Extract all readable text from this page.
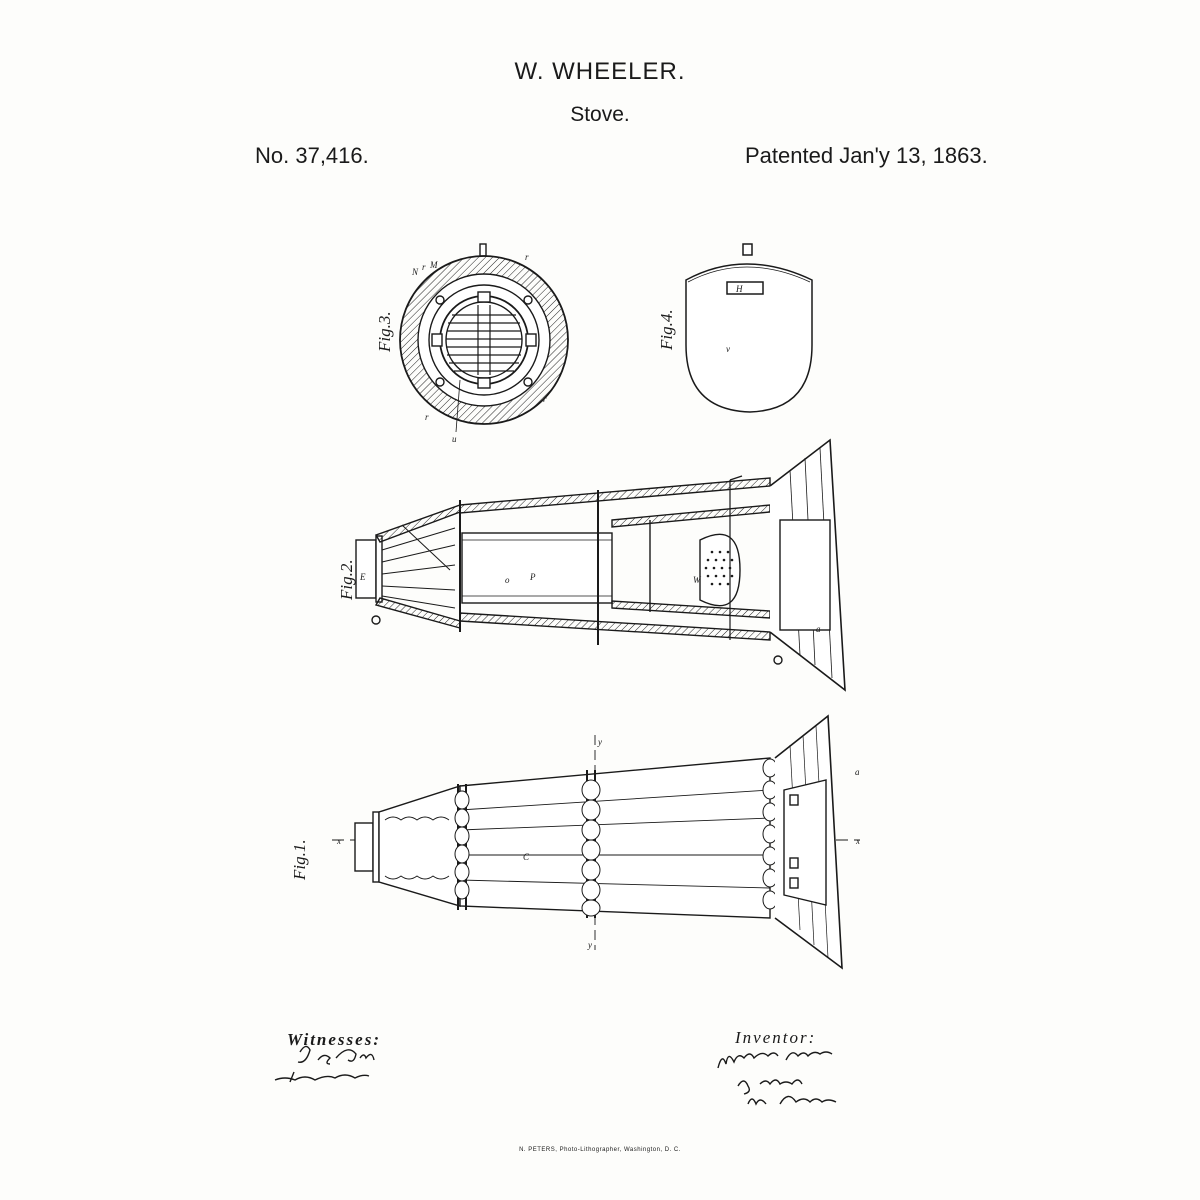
W. WHEELER.
Stove.
No. 37,416.	Patented Jan'y 13, 1863.
Fig.3.
N r M
r
r
r
u
Fig.4.
H
v
Fig.2. E	o P	W
a
Fig.1.	x	x
C
a
y
y
Witnesses:	Inventor:
N. PETERS, Photo-Lithographer, Washington, D. C.
